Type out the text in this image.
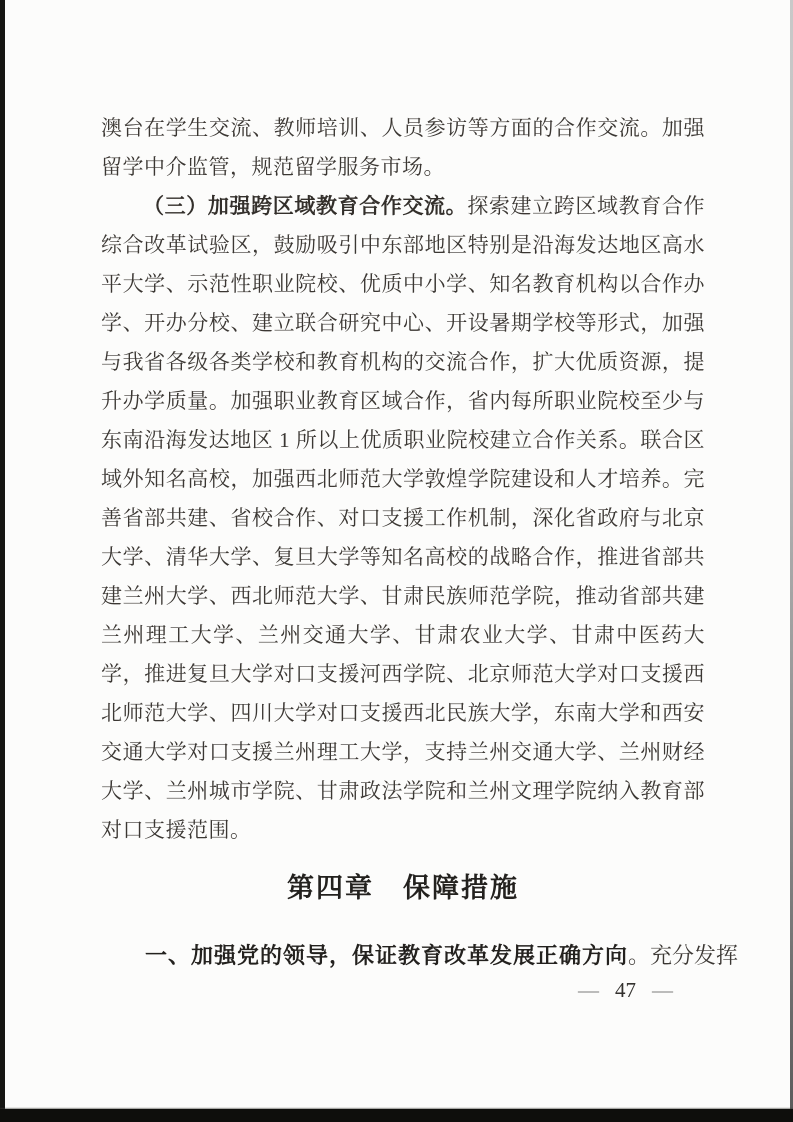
澳台在学生交流、教师培训、人员参访等方面的合作交流。加强
留学中介监管，规范留学服务市场。
（三）加强跨区域教育合作交流。探索建立跨区域教育合作
综合改革试验区，鼓励吸引中东部地区特别是沿海发达地区高水
平大学、示范性职业院校、优质中小学、知名教育机构以合作办
学、开办分校、建立联合研究中心、开设暑期学校等形式，加强
与我省各级各类学校和教育机构的交流合作，扩大优质资源，提
升办学质量。加强职业教育区域合作，省内每所职业院校至少与
东南沿海发达地区 1 所以上优质职业院校建立合作关系。联合区
域外知名高校，加强西北师范大学敦煌学院建设和人才培养。完
善省部共建、省校合作、对口支援工作机制，深化省政府与北京
大学、清华大学、复旦大学等知名高校的战略合作，推进省部共
建兰州大学、西北师范大学、甘肃民族师范学院，推动省部共建
兰州理工大学、兰州交通大学、甘肃农业大学、甘肃中医药大
学，推进复旦大学对口支援河西学院、北京师范大学对口支援西
北师范大学、四川大学对口支援西北民族大学，东南大学和西安
交通大学对口支援兰州理工大学，支持兰州交通大学、兰州财经
大学、兰州城市学院、甘肃政法学院和兰州文理学院纳入教育部
对口支援范围。
第四章　保障措施
一、加强党的领导，保证教育改革发展正确方向。充分发挥
— 47 —
